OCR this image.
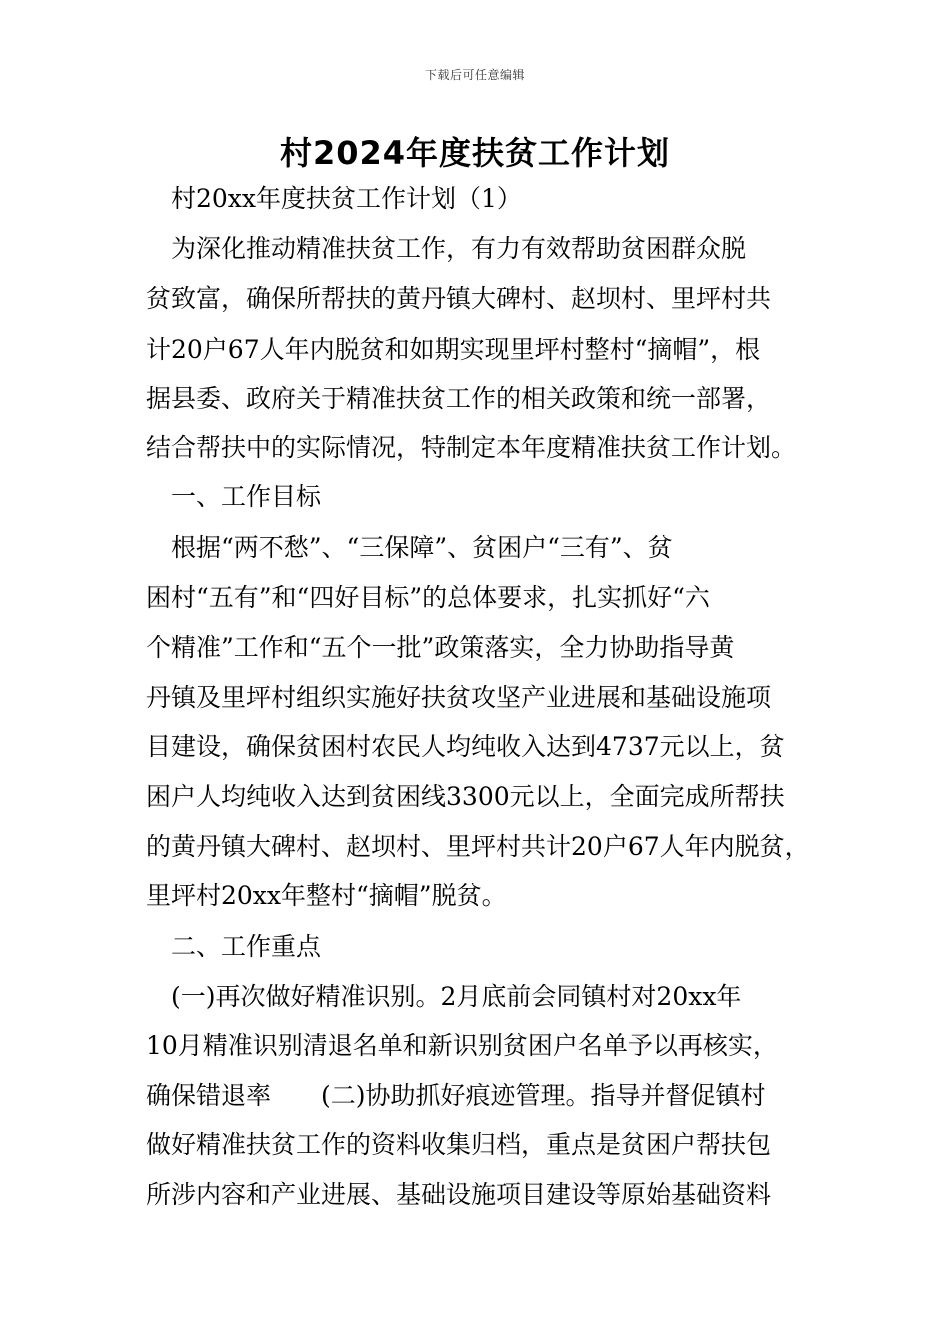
下载后可任意编辑
村2024年度扶贫工作计划
　村20xx年度扶贫工作计划（1）
　为深化推动精准扶贫工作，有力有效帮助贫困群众脱
贫致富，确保所帮扶的黄丹镇大碑村、赵坝村、里坪村共
计20户67人年内脱贫和如期实现里坪村整村“摘帽”，根
据县委、政府关于精准扶贫工作的相关政策和统一部署，
结合帮扶中的实际情况，特制定本年度精准扶贫工作计划。
　一、工作目标
　根据“两不愁”、“三保障”、贫困户“三有”、贫
困村“五有”和“四好目标”的总体要求，扎实抓好“六
个精准”工作和“五个一批”政策落实，全力协助指导黄
丹镇及里坪村组织实施好扶贫攻坚产业进展和基础设施项
目建设，确保贫困村农民人均纯收入达到4737元以上，贫
困户人均纯收入达到贫困线3300元以上，全面完成所帮扶
的黄丹镇大碑村、赵坝村、里坪村共计20户67人年内脱贫，
里坪村20xx年整村“摘帽”脱贫。
　二、工作重点
　(一)再次做好精准识别。2月底前会同镇村对20xx年
10月精准识别清退名单和新识别贫困户名单予以再核实，
确保错退率　　(二)协助抓好痕迹管理。指导并督促镇村
做好精准扶贫工作的资料收集归档，重点是贫困户帮扶包
所涉内容和产业进展、基础设施项目建设等原始基础资料
